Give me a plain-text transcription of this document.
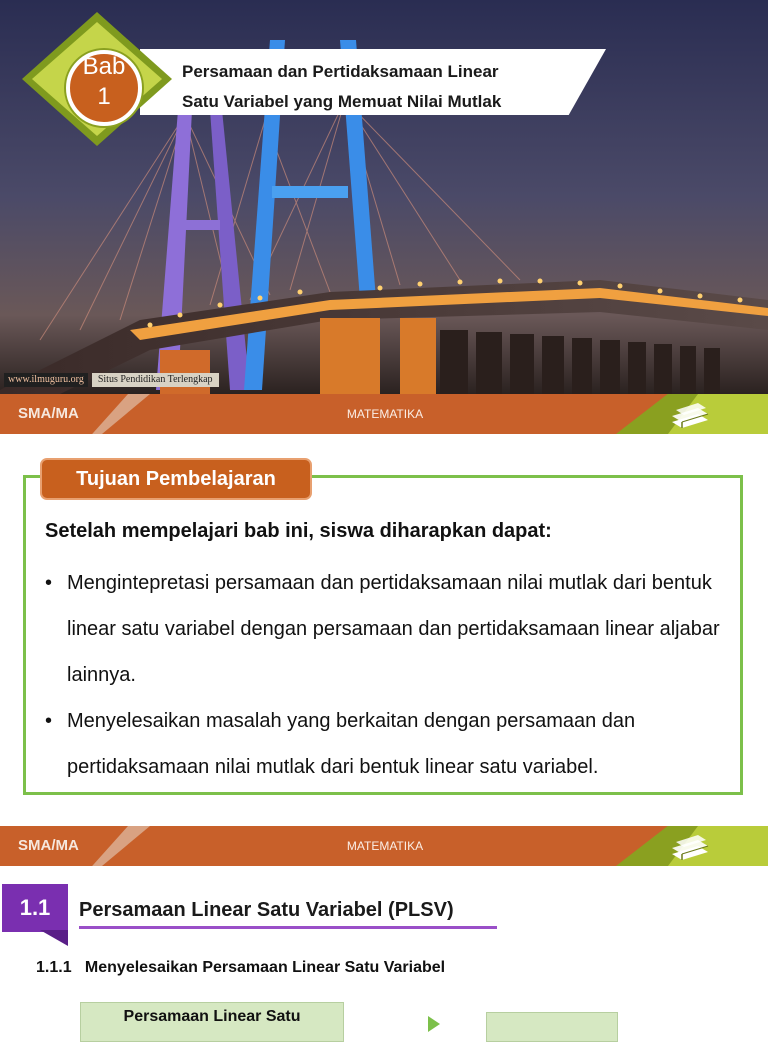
Persamaan dan Pertidaksamaan Linear
Satu Variabel yang Memuat Nilai Mutlak
Bab
1
www.ilmuguru.org	Situs Pendidikan Terlengkap
SMA/MA	MATEMATIKA
Tujuan Pembelajaran
Setelah mempelajari bab ini, siswa diharapkan dapat:
• Mengintepretasi persamaan dan pertidaksamaan nilai mutlak dari bentuk linear satu variabel dengan persamaan dan pertidaksamaan linear aljabar lainnya.
• Menyelesaikan masalah yang berkaitan dengan persamaan dan pertidaksamaan nilai mutlak dari bentuk linear satu variabel.
SMA/MA	MATEMATIKA
1.1	Persamaan Linear Satu Variabel (PLSV)
1.1.1   Menyelesaikan Persamaan Linear Satu Variabel
Persamaan Linear Satu
